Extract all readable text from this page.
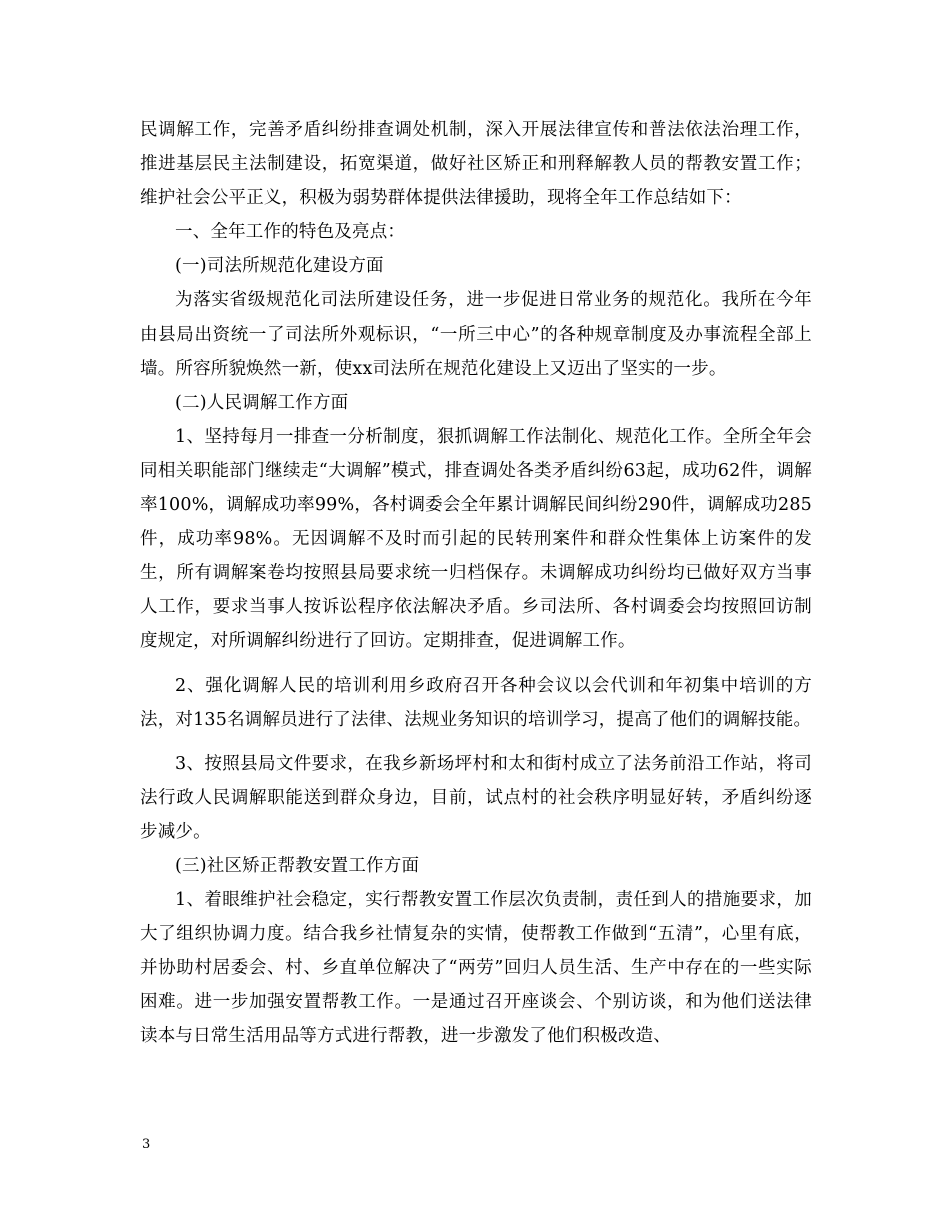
民调解工作，完善矛盾纠纷排查调处机制，深入开展法律宣传和普法依法治理工作，推进基层民主法制建设，拓宽渠道，做好社区矫正和刑释解教人员的帮教安置工作；维护社会公平正义，积极为弱势群体提供法律援助，现将全年工作总结如下：

一、全年工作的特色及亮点：

(一)司法所规范化建设方面

为落实省级规范化司法所建设任务，进一步促进日常业务的规范化。我所在今年由县局出资统一了司法所外观标识，“一所三中心”的各种规章制度及办事流程全部上墙。所容所貌焕然一新，使xx司法所在规范化建设上又迈出了坚实的一步。

(二)人民调解工作方面

1、坚持每月一排查一分析制度，狠抓调解工作法制化、规范化工作。全所全年会同相关职能部门继续走“大调解”模式，排查调处各类矛盾纠纷63起，成功62件，调解率100%，调解成功率99%，各村调委会全年累计调解民间纠纷290件，调解成功285件，成功率98%。无因调解不及时而引起的民转刑案件和群众性集体上访案件的发生，所有调解案卷均按照县局要求统一归档保存。未调解成功纠纷均已做好双方当事人工作，要求当事人按诉讼程序依法解决矛盾。乡司法所、各村调委会均按照回访制度规定，对所调解纠纷进行了回访。定期排查，促进调解工作。

2、强化调解人民的培训利用乡政府召开各种会议以会代训和年初集中培训的方法，对135名调解员进行了法律、法规业务知识的培训学习，提高了他们的调解技能。

3、按照县局文件要求，在我乡新场坪村和太和街村成立了法务前沿工作站，将司法行政人民调解职能送到群众身边，目前，试点村的社会秩序明显好转，矛盾纠纷逐步减少。

(三)社区矫正帮教安置工作方面

1、着眼维护社会稳定，实行帮教安置工作层次负责制，责任到人的措施要求，加大了组织协调力度。结合我乡社情复杂的实情，使帮教工作做到“五清”，心里有底，并协助村居委会、村、乡直单位解决了“两劳”回归人员生活、生产中存在的一些实际困难。进一步加强安置帮教工作。一是通过召开座谈会、个别访谈，和为他们送法律读本与日常生活用品等方式进行帮教，进一步激发了他们积极改造、

3
